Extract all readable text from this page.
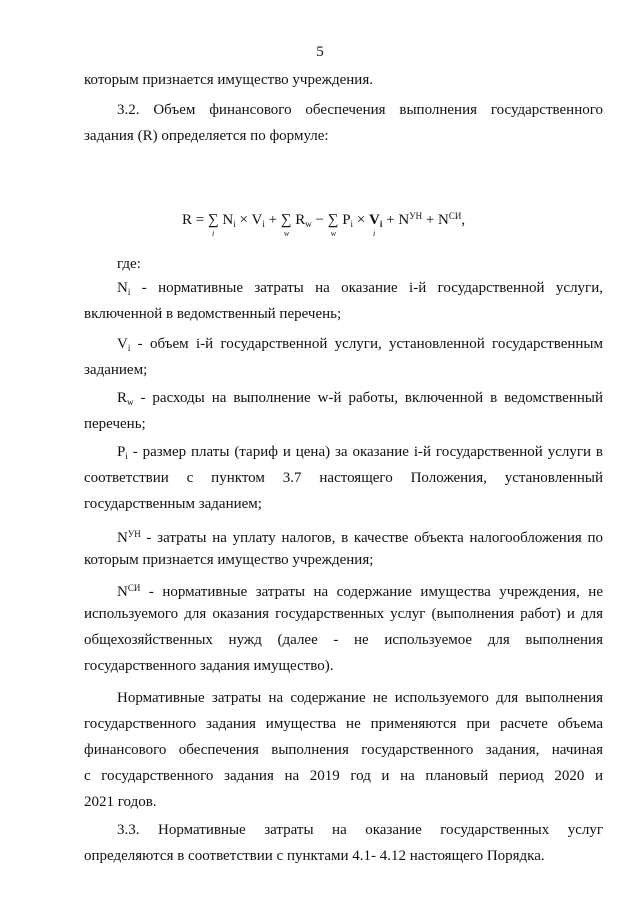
5
которым признается имущество учреждения.
3.2. Объем финансового обеспечения выполнения государственного
задания (R) определяется по формуле:
R = ∑
i
$N_i \times V_i$ + ∑
w
$R_w$ − ∑
w
$P_i \times V_i$
i
+ $N^{УН} + N^{СИ}$,
где:
$N_i$ - нормативные затраты на оказание i-й государственной услуги,
включенной в ведомственный перечень;
$V_i$ - объем i-й государственной услуги, установленной государственным
заданием;
$R_w$ - расходы на выполнение w-й работы, включенной в ведомственный
перечень;
$P_i$ - размер платы (тариф и цена) за оказание i-й государственной услуги в
соответствии с пунктом 3.7 настоящего Положения, установленный
государственным заданием;
$N^{УН}$ - затраты на уплату налогов, в качестве объекта налогообложения по
которым признается имущество учреждения;
$N^{СИ}$ - нормативные затраты на содержание имущества учреждения, не
используемого для оказания государственных услуг (выполнения работ) и для
общехозяйственных нужд (далее - не используемое для выполнения
государственного задания имущество).
Нормативные затраты на содержание не используемого для выполнения
государственного задания имущества не применяются при расчете объема
финансового обеспечения выполнения государственного задания, начиная
с государственного задания на 2019 год и на плановый период 2020 и
2021 годов.
3.3. Нормативные затраты на оказание государственных услуг
определяются в соответствии с пунктами 4.1- 4.12 настоящего Порядка.
